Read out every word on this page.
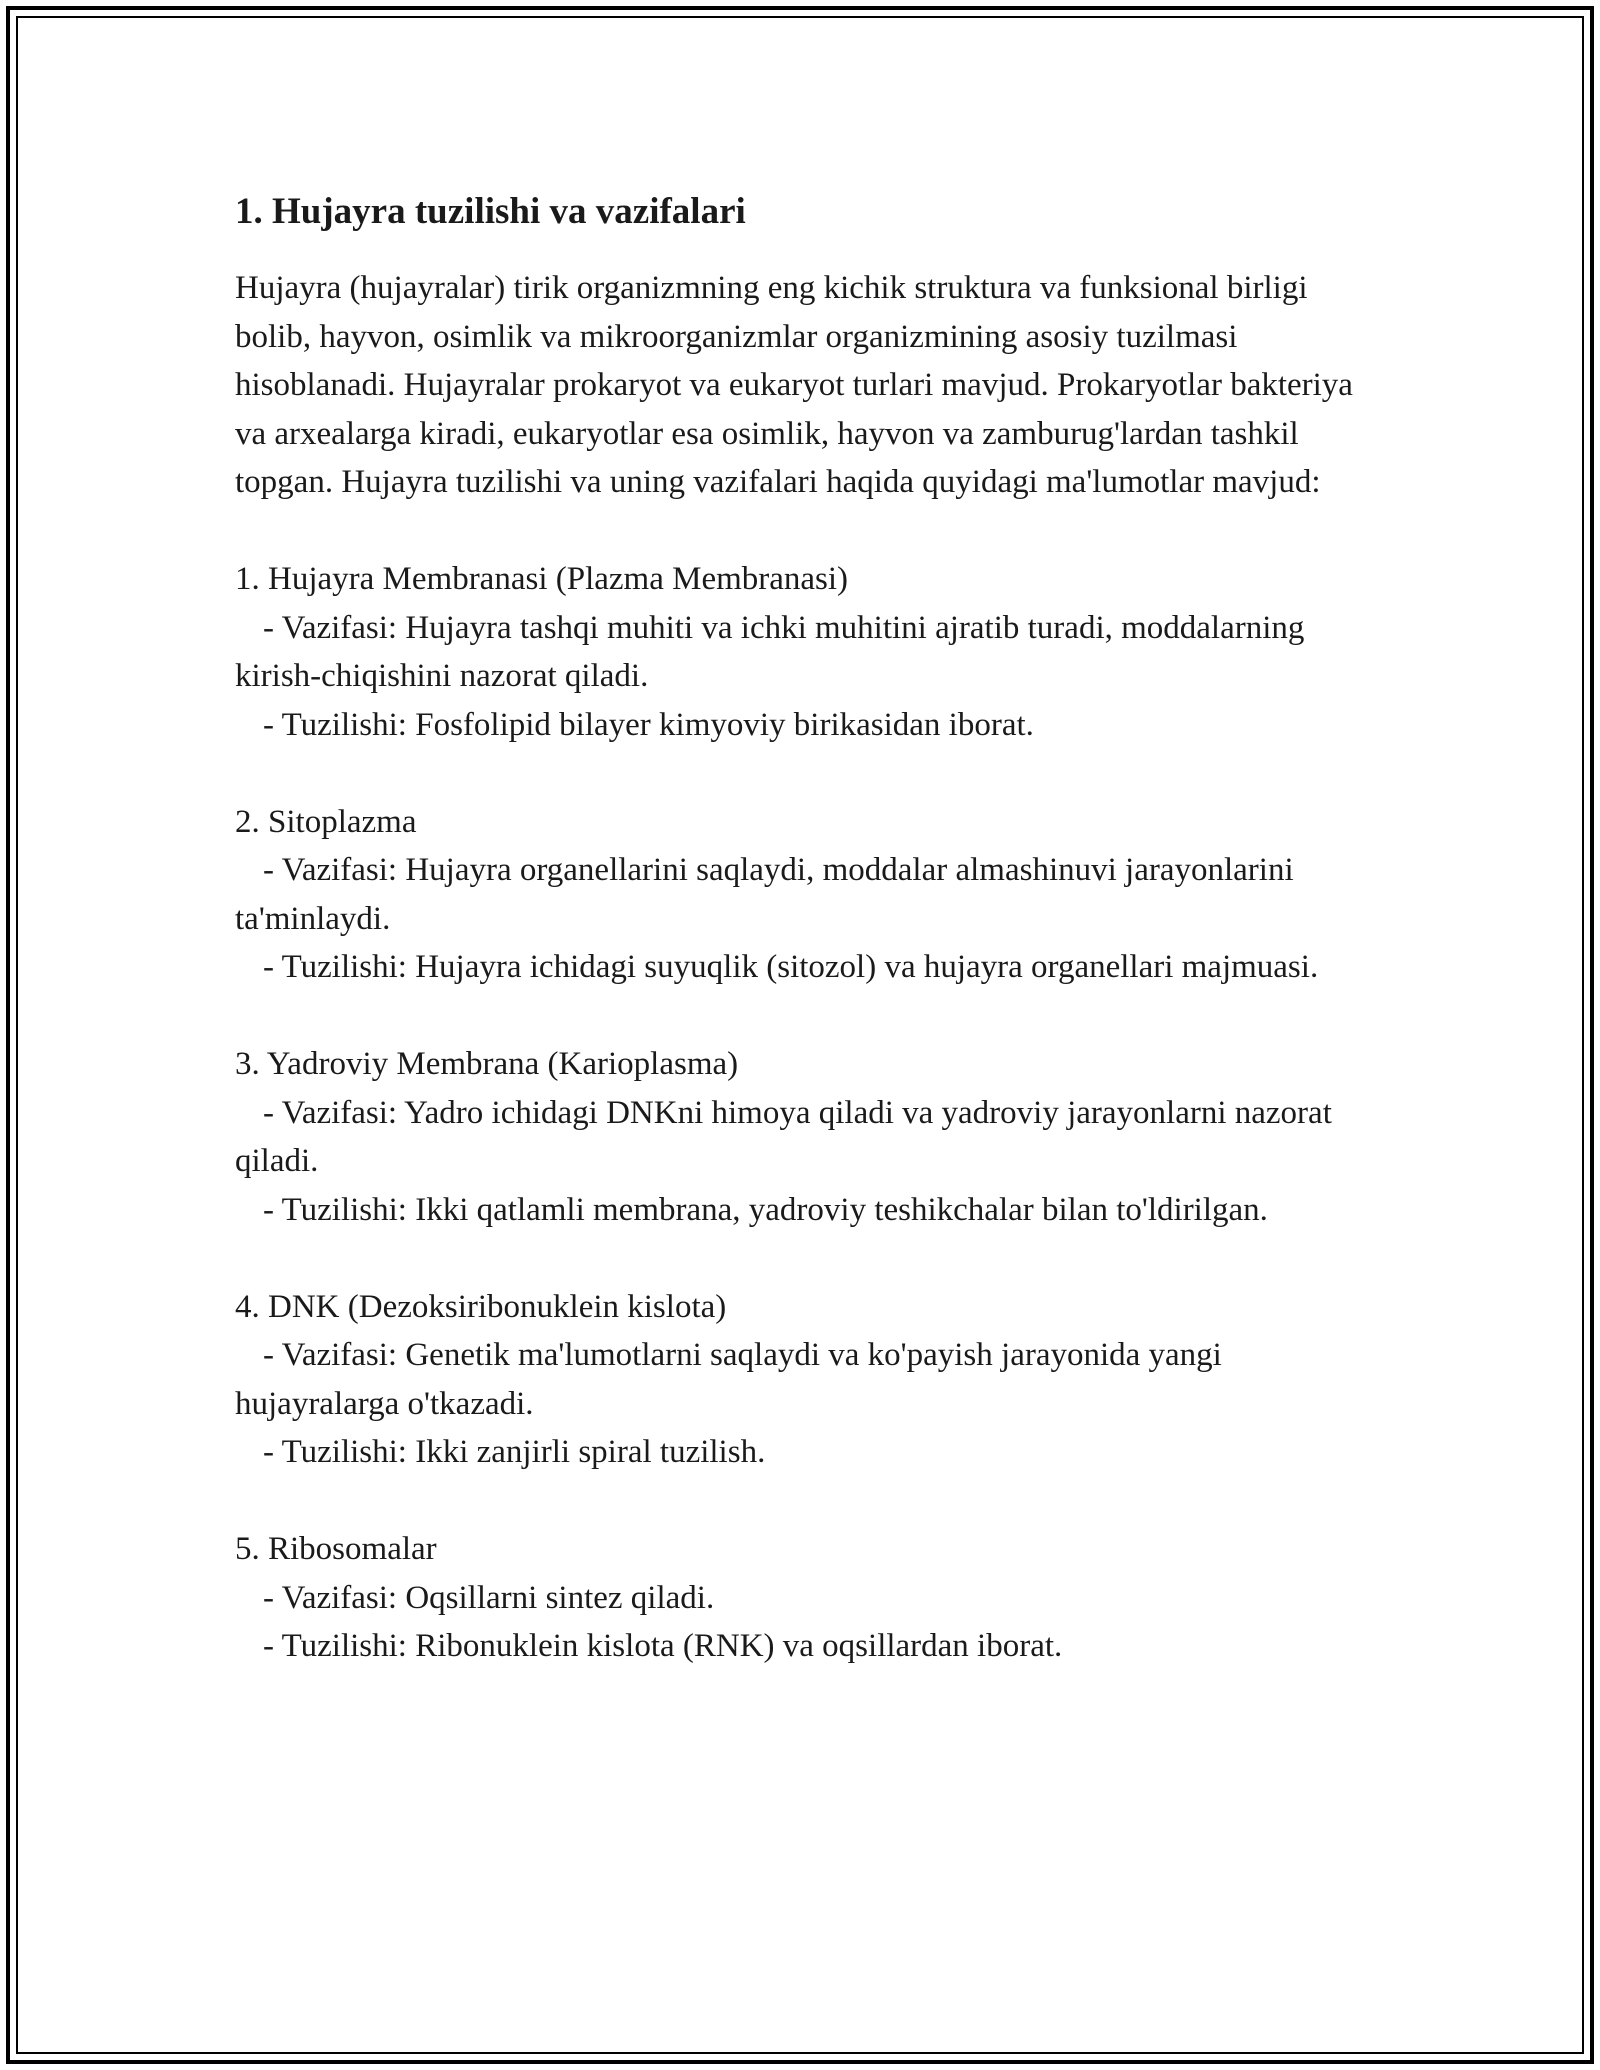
1. Hujayra tuzilishi va vazifalari

Hujayra (hujayralar) tirik organizmning eng kichik struktura va funksional birligi bolib, hayvon, osimlik va mikroorganizmlar organizmining asosiy tuzilmasi hisoblanadi. Hujayralar prokaryot va eukaryot turlari mavjud. Prokaryotlar bakteriya va arxealarga kiradi, eukaryotlar esa osimlik, hayvon va zamburug'lardan tashkil topgan. Hujayra tuzilishi va uning vazifalari haqida quyidagi ma'lumotlar mavjud:

1. Hujayra Membranasi (Plazma Membranasi)

- Vazifasi: Hujayra tashqi muhiti va ichki muhitini ajratib turadi, moddalarning kirish-chiqishini nazorat qiladi.

- Tuzilishi: Fosfolipid bilayer kimyoviy birikasidan iborat.

2. Sitoplazma

- Vazifasi: Hujayra organellarini saqlaydi, moddalar almashinuvi jarayonlarini ta'minlaydi.

- Tuzilishi: Hujayra ichidagi suyuqlik (sitozol) va hujayra organellari majmuasi.

3. Yadroviy Membrana (Karioplasma)

- Vazifasi: Yadro ichidagi DNKni himoya qiladi va yadroviy jarayonlarni nazorat qiladi.

- Tuzilishi: Ikki qatlamli membrana, yadroviy teshikchalar bilan to'ldirilgan.

4. DNK (Dezoksiribonuklein kislota)

- Vazifasi: Genetik ma'lumotlarni saqlaydi va ko'payish jarayonida yangi hujayralarga o'tkazadi.

- Tuzilishi: Ikki zanjirli spiral tuzilish.

5. Ribosomalar

- Vazifasi: Oqsillarni sintez qiladi.

- Tuzilishi: Ribonuklein kislota (RNK) va oqsillardan iborat.
